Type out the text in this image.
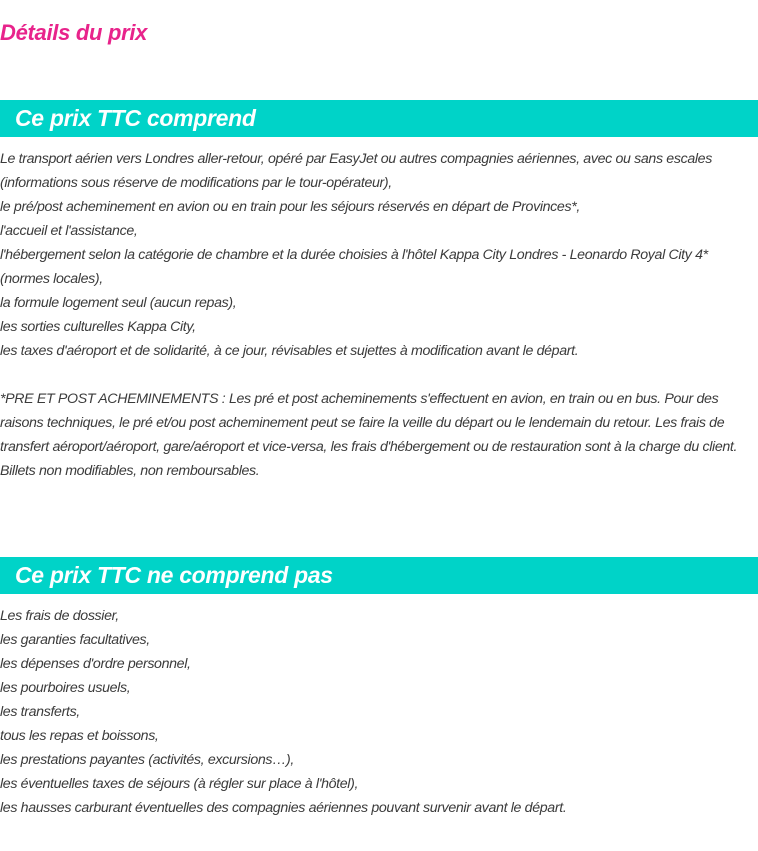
Détails du prix
Ce prix TTC comprend
Le transport aérien vers Londres aller-retour, opéré par EasyJet ou autres compagnies aériennes, avec ou sans escales (informations sous réserve de modifications par le tour-opérateur),
le pré/post acheminement en avion ou en train pour les séjours réservés en départ de Provinces*,
l'accueil et l'assistance,
l'hébergement selon la catégorie de chambre et la durée choisies à l'hôtel Kappa City Londres - Leonardo Royal City 4* (normes locales),
la formule logement seul (aucun repas),
les sorties culturelles Kappa City,
les taxes d'aéroport et de solidarité, à ce jour, révisables et sujettes à modification avant le départ.
*PRE ET POST ACHEMINEMENTS : Les pré et post acheminements s'effectuent en avion, en train ou en bus. Pour des raisons techniques, le pré et/ou post acheminement peut se faire la veille du départ ou le lendemain du retour. Les frais de transfert aéroport/aéroport, gare/aéroport et vice-versa, les frais d'hébergement ou de restauration sont à la charge du client. Billets non modifiables, non remboursables.
Ce prix TTC ne comprend pas
Les frais de dossier,
les garanties facultatives,
les dépenses d'ordre personnel,
les pourboires usuels,
les transferts,
tous les repas et boissons,
les prestations payantes (activités, excursions…),
les éventuelles taxes de séjours (à régler sur place à l'hôtel),
les hausses carburant éventuelles des compagnies aériennes pouvant survenir avant le départ.
